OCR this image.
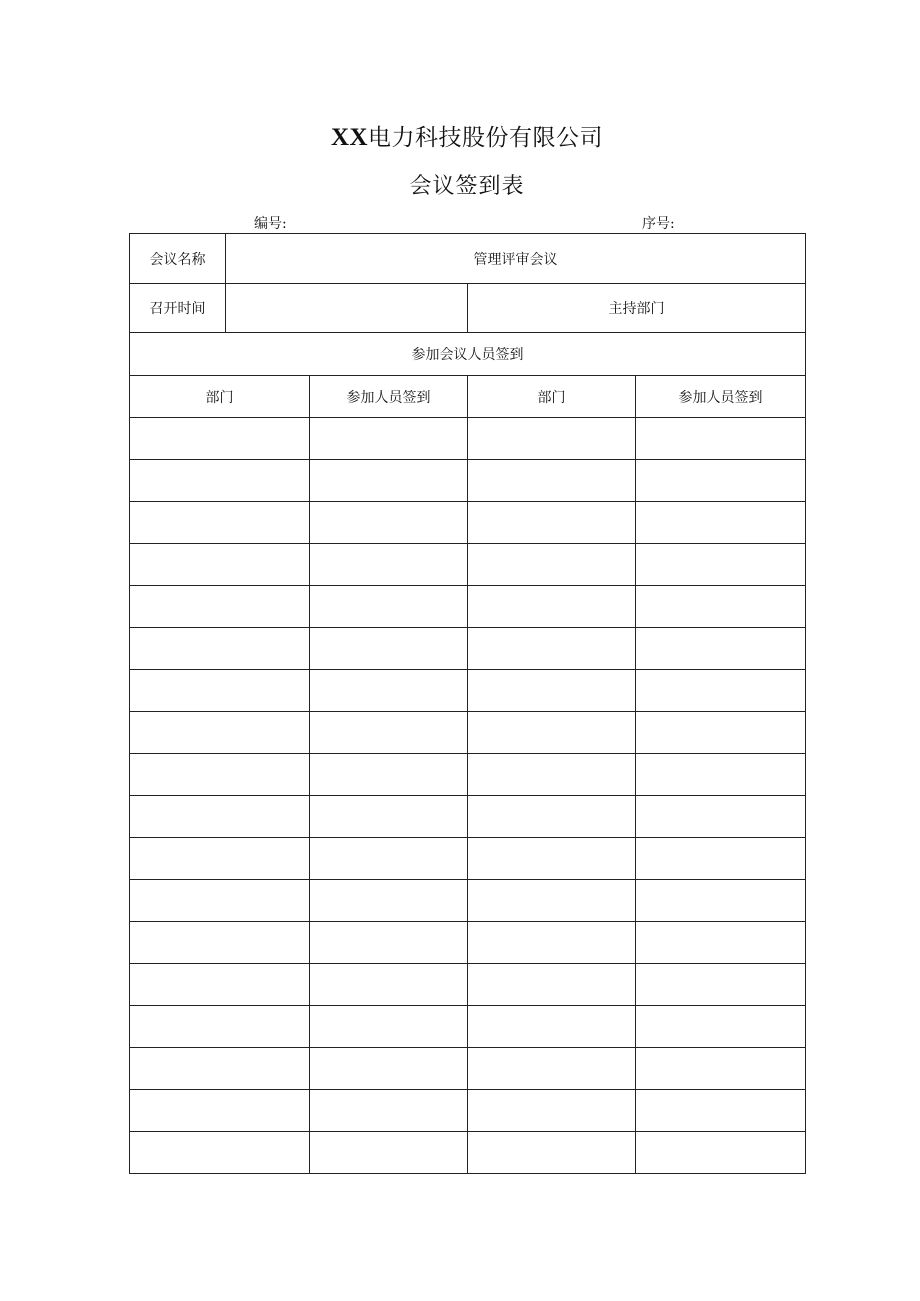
XX电力科技股份有限公司
会议签到表
编号:	序号:
会议名称	管理评审会议			
召开时间			主持部门	
参加会议人员签到				
部门		参加人员签到	部门	参加人员签到
